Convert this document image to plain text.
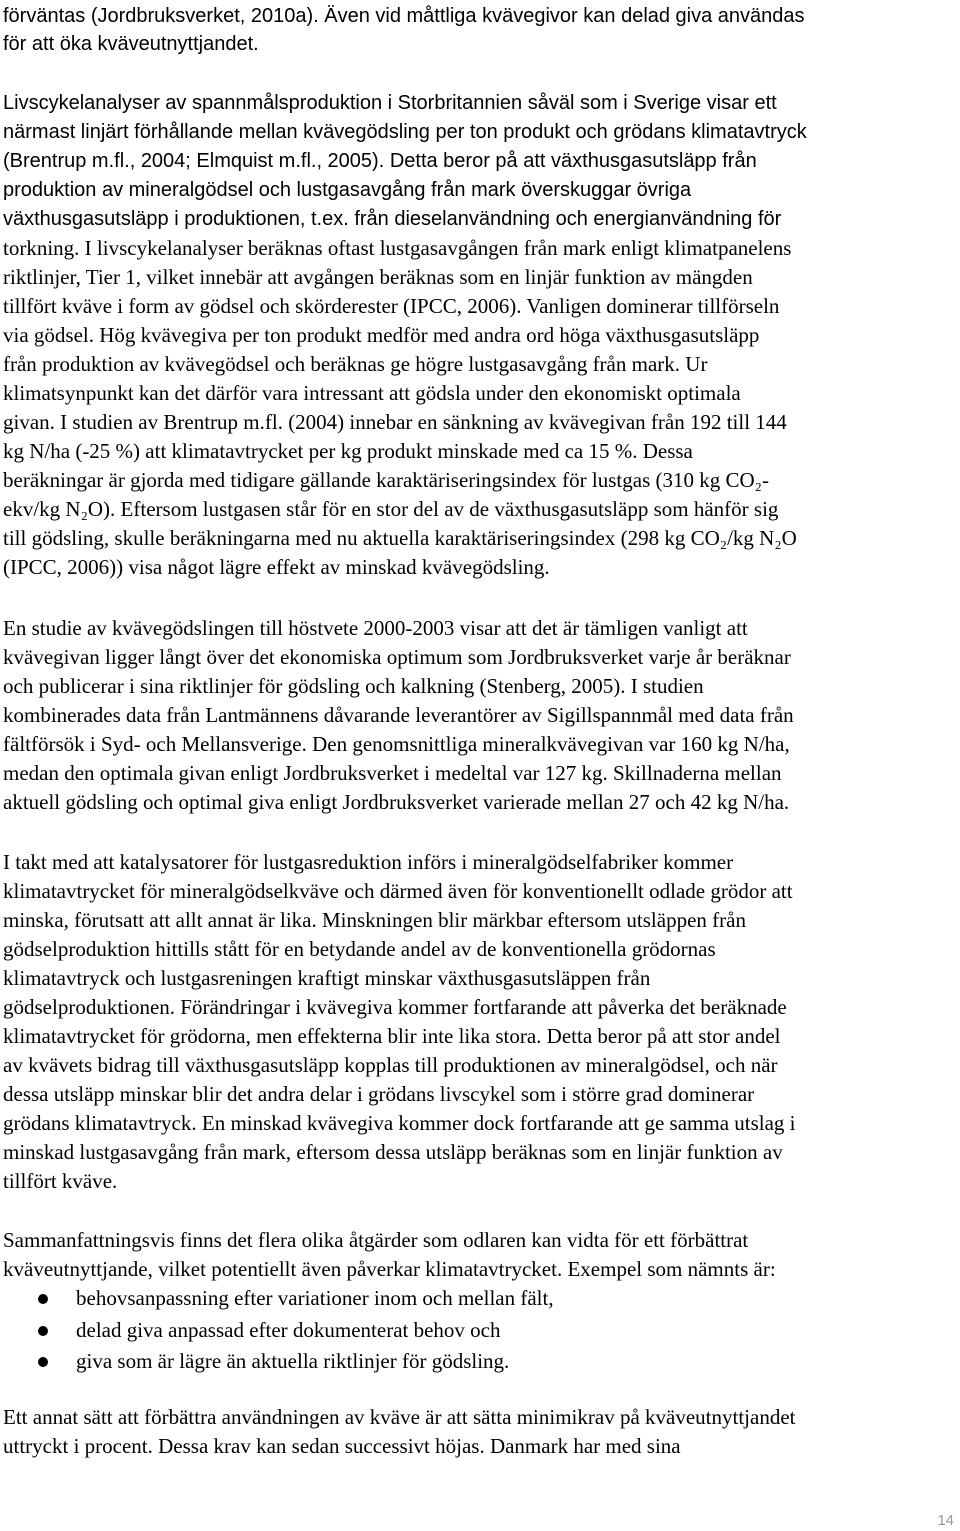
förväntas (Jordbruksverket, 2010a). Även vid måttliga kvävegivor kan delad giva användas
för att öka kväveutnyttjandet.
Livscykelanalyser av spannmålsproduktion i Storbritannien såväl som i Sverige visar ett
närmast linjärt förhållande mellan kvävegödsling per ton produkt och grödans klimatavtryck
(Brentrup m.fl., 2004; Elmquist m.fl., 2005). Detta beror på att växthusgasutsläpp från
produktion av mineralgödsel och lustgasavgång från mark överskuggar övriga
växthusgasutsläpp i produktionen, t.ex. från dieselanvändning och energianvändning för
torkning. I livscykelanalyser beräknas oftast lustgasavgången från mark enligt klimatpanelens
riktlinjer, Tier 1, vilket innebär att avgången beräknas som en linjär funktion av mängden
tillfört kväve i form av gödsel och skörderester (IPCC, 2006). Vanligen dominerar tillförseln
via gödsel. Hög kvävegiva per ton produkt medför med andra ord höga växthusgasutsläpp
från produktion av kvävegödsel och beräknas ge högre lustgasavgång från mark. Ur
klimatsynpunkt kan det därför vara intressant att gödsla under den ekonomiskt optimala
givan. I studien av Brentrup m.fl. (2004) innebar en sänkning av kvävegivan från 192 till 144
kg N/ha (-25 %) att klimatavtrycket per kg produkt minskade med ca 15 %. Dessa
beräkningar är gjorda med tidigare gällande karaktäriseringsindex för lustgas (310 kg CO₂-
ekv/kg N₂O). Eftersom lustgasen står för en stor del av de växthusgasutsläpp som hänför sig
till gödsling, skulle beräkningarna med nu aktuella karaktäriseringsindex (298 kg CO₂/kg N₂O
(IPCC, 2006)) visa något lägre effekt av minskad kvävegödsling.
En studie av kvävegödslingen till höstvete 2000-2003 visar att det är tämligen vanligt att
kvävegivan ligger långt över det ekonomiska optimum som Jordbruksverket varje år beräknar
och publicerar i sina riktlinjer för gödsling och kalkning (Stenberg, 2005). I studien
kombinerades data från Lantmännens dåvarande leverantörer av Sigillspannmål med data från
fältförsök i Syd- och Mellansverige. Den genomsnittliga mineralkvävegivan var 160 kg N/ha,
medan den optimala givan enligt Jordbruksverket i medeltal var 127 kg. Skillnaderna mellan
aktuell gödsling och optimal giva enligt Jordbruksverket varierade mellan 27 och 42 kg N/ha.
I takt med att katalysatorer för lustgasreduktion införs i mineralgödselfabriker kommer
klimatavtrycket för mineralgödselkväve och därmed även för konventionellt odlade grödor att
minska, förutsatt att allt annat är lika. Minskningen blir märkbar eftersom utsläppen från
gödselproduktion hittills stått för en betydande andel av de konventionella grödornas
klimatavtryck och lustgasreningen kraftigt minskar växthusgasutsläppen från
gödselproduktionen. Förändringar i kvävegiva kommer fortfarande att påverka det beräknade
klimatavtrycket för grödorna, men effekterna blir inte lika stora. Detta beror på att stor andel
av kvävets bidrag till växthusgasutsläpp kopplas till produktionen av mineralgödsel, och när
dessa utsläpp minskar blir det andra delar i grödans livscykel som i större grad dominerar
grödans klimatavtryck. En minskad kvävegiva kommer dock fortfarande att ge samma utslag i
minskad lustgasavgång från mark, eftersom dessa utsläpp beräknas som en linjär funktion av
tillfört kväve.
Sammanfattningsvis finns det flera olika åtgärder som odlaren kan vidta för ett förbättrat
kväveutnyttjande, vilket potentiellt även påverkar klimatavtrycket. Exempel som nämnts är:
Ett annat sätt att förbättra användningen av kväve är att sätta minimikrav på kväveutnyttjandet
uttryckt i procent. Dessa krav kan sedan successivt höjas. Danmark har med sina
behovsanpassning efter variationer inom och mellan fält,
delad giva anpassad efter dokumenterat behov och
giva som är lägre än aktuella riktlinjer för gödsling.
14
